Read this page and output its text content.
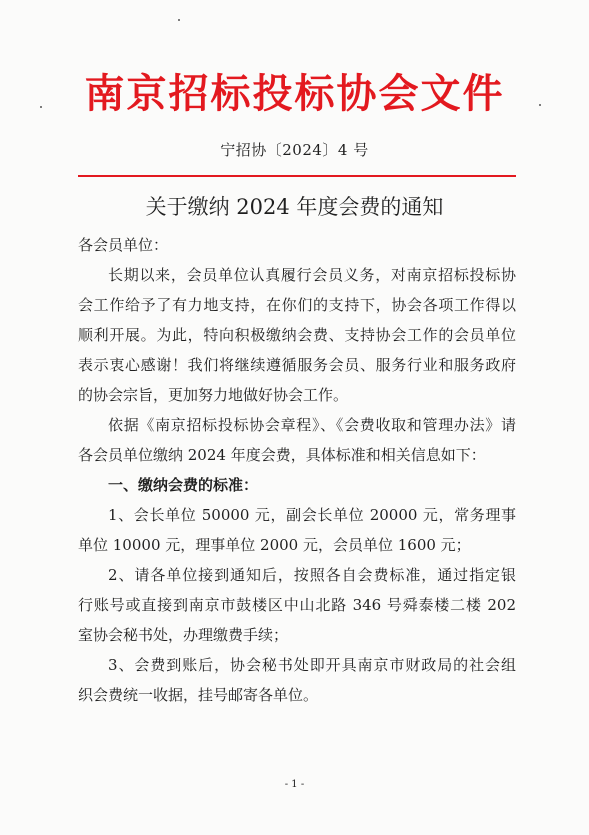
南京招标投标协会文件
宁招协〔2024〕4 号
关于缴纳 2024 年度会费的通知
各会员单位：
长期以来，会员单位认真履行会员义务，对南京招标投标协
会工作给予了有力地支持，在你们的支持下，协会各项工作得以
顺利开展。为此，特向积极缴纳会费、支持协会工作的会员单位
表示衷心感谢！我们将继续遵循服务会员、服务行业和服务政府
的协会宗旨，更加努力地做好协会工作。
依据《南京招标投标协会章程》、《会费收取和管理办法》请
各会员单位缴纳 2024 年度会费，具体标准和相关信息如下：
一、缴纳会费的标准：
1、会长单位 50000 元，副会长单位 20000 元，常务理事
单位 10000 元，理事单位 2000 元，会员单位 1600 元；
2、请各单位接到通知后，按照各自会费标准，通过指定银
行账号或直接到南京市鼓楼区中山北路 346 号舜泰楼二楼 202
室协会秘书处，办理缴费手续；
3、会费到账后，协会秘书处即开具南京市财政局的社会组
织会费统一收据，挂号邮寄各单位。
- 1 -
